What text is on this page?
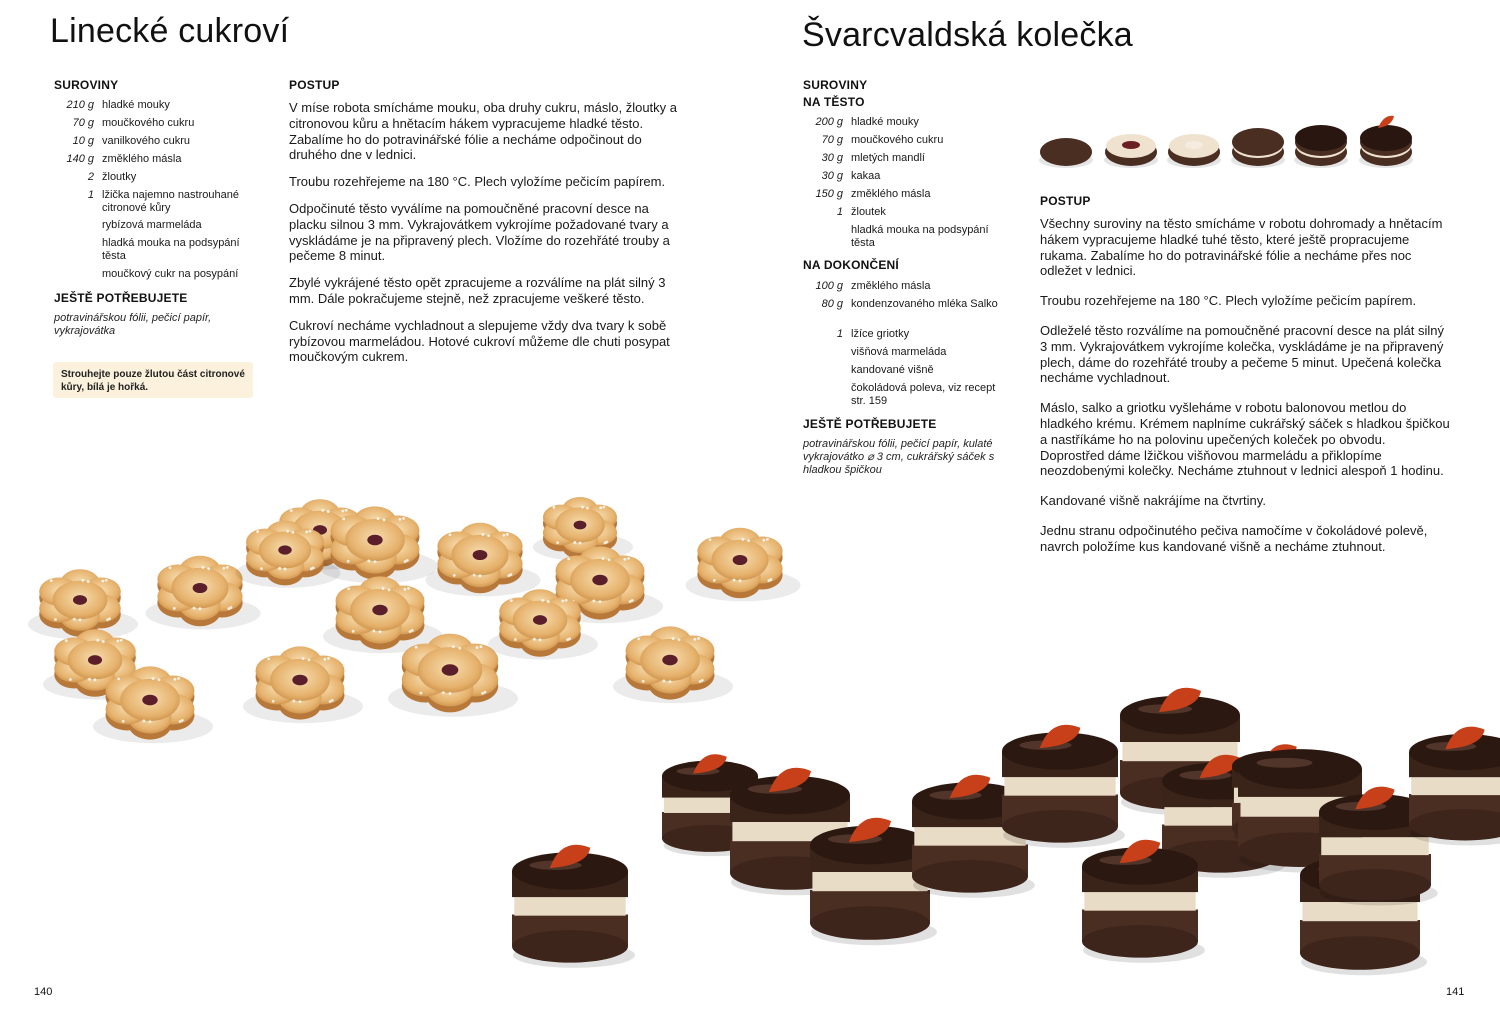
Linecké cukroví
SUROVINY
210 g hladké mouky
70 g moučkového cukru
10 g vanilkového cukru
140 g změklého másla
2 žloutky
1 lžička najemno nastrouhané citronové kůry
rybízová marmeláda
hladká mouka na podsypání těsta
moučkový cukr na posypání
JEŠTĚ POTŘEBUJETE
potravinářskou fólii, pečicí papír, vykrajovátka
Strouhejte pouze žlutou část citronové kůry, bílá je hořká.
POSTUP

V míse robota smícháme mouku, oba druhy cukru, máslo, žloutky a citronovou kůru a hnětacím hákem vypracujeme hladké těsto. Zabalíme ho do potravinářské fólie a necháme odpočinout do druhého dne v lednici.

Troubu rozehřejeme na 180 °C. Plech vyložíme pečicím papírem.

Odpočinuté těsto vyválíme na pomoučněné pracovní desce na placku silnou 3 mm. Vykrajovátkem vykrojíme požadované tvary a vyskládáme je na připravený plech. Vložíme do rozehřáté trouby a pečeme 8 minut.

Zbylé vykrájené těsto opět zpracujeme a rozválíme na plát silný 3 mm. Dále pokračujeme stejně, než zpracujeme veškeré těsto.

Cukroví necháme vychladnout a slepujeme vždy dva tvary k sobě rybízovou marmeládou. Hotové cukroví můžeme dle chuti posypat moučkovým cukrem.

Švarcvaldská kolečka
SUROVINY
NA TĚSTO
200 g hladké mouky
70 g moučkového cukru
30 g mletých mandlí
30 g kakaa
150 g změklého másla
1 žloutek
hladká mouka na podsypání těsta
NA DOKONČENÍ
100 g změklého másla
80 g kondenzovaného mléka Salko
1 lžíce griotky
višňová marmeláda
kandované višně
čokoládová poleva, viz recept str. 159
JEŠTĚ POTŘEBUJETE
potravinářskou fólii, pečicí papír, kulaté vykrajovátko ⌀ 3 cm, cukrářský sáček s hladkou špičkou
POSTUP

Všechny suroviny na těsto smícháme v robotu dohromady a hnětacím hákem vypracujeme hladké tuhé těsto, které ještě propracujeme rukama. Zabalíme ho do potravinářské fólie a necháme přes noc odležet v lednici.

Troubu rozehřejeme na 180 °C. Plech vyložíme pečicím papírem.

Odleželé těsto rozválíme na pomoučněné pracovní desce na plát silný 3 mm. Vykrajovátkem vykrojíme kolečka, vyskládáme je na připravený plech, dáme do rozehřáté trouby a pečeme 5 minut. Upečená kolečka necháme vychladnout.

Máslo, salko a griotku vyšleháme v robotu balonovou metlou do hladkého krému. Krémem naplníme cukrářský sáček s hladkou špičkou a nastříkáme ho na polovinu upečených koleček po obvodu. Doprostřed dáme lžičkou višňovou marmeládu a přiklopíme neozdobenými kolečky. Necháme ztuhnout v lednici alespoň 1 hodinu.

Kandované višně nakrájíme na čtvrtiny.

Jednu stranu odpočinutého pečiva namočíme v čokoládové polevě, navrch položíme kus kandované višně a necháme ztuhnout.

140	141
